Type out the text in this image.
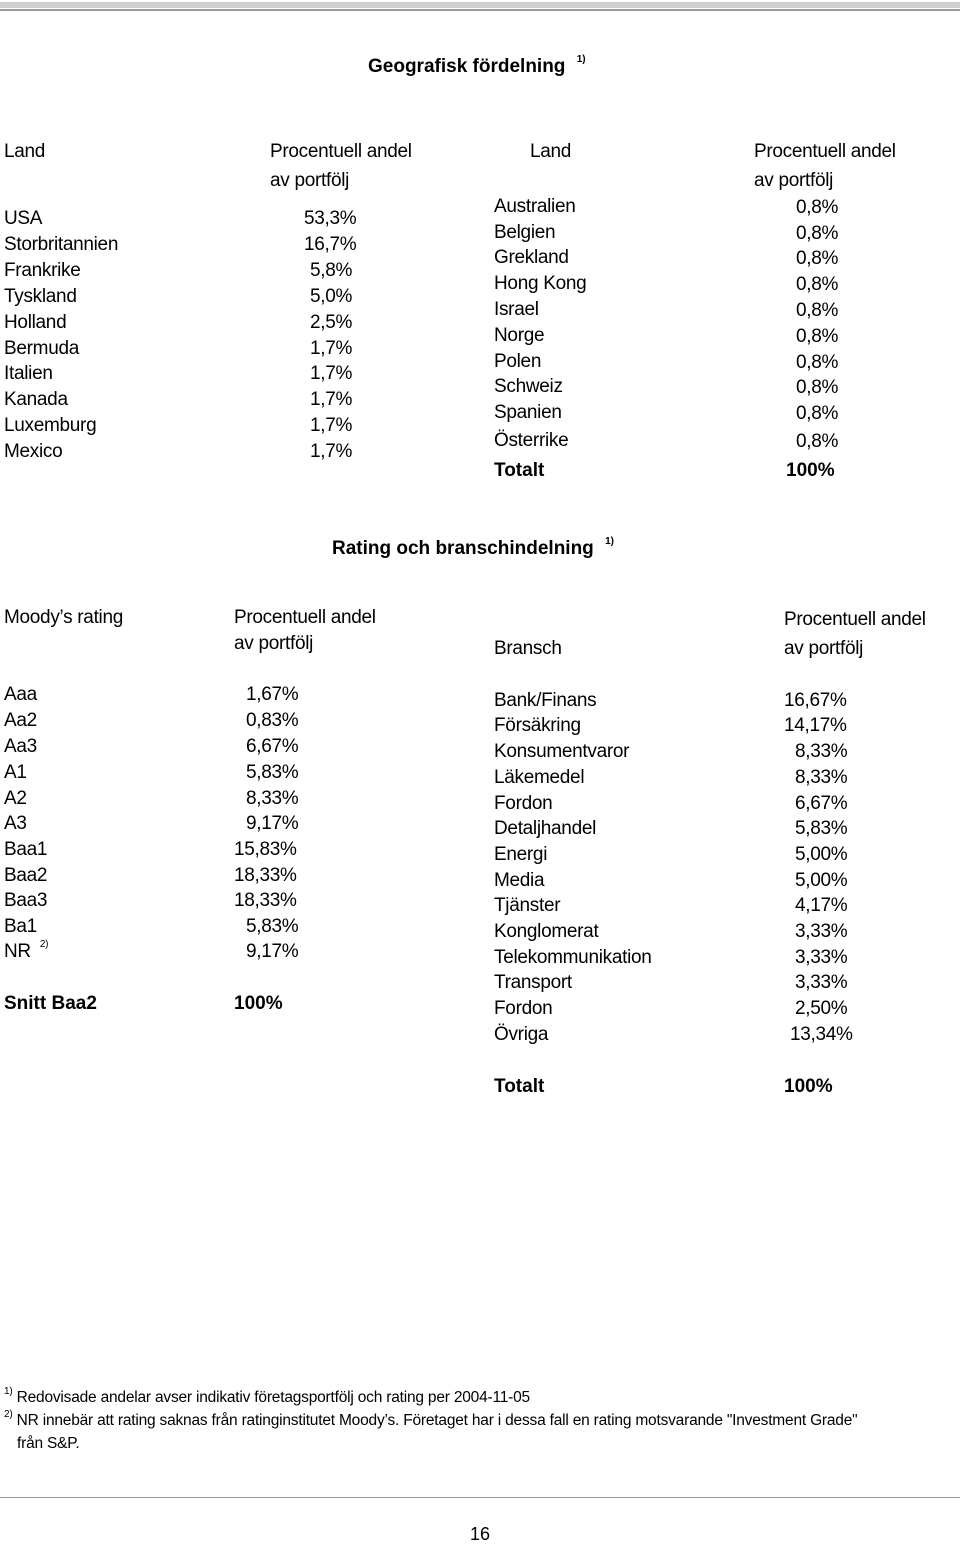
Geografisk fördelning $^{1)}$
Land	Procentuell andel
av portfölj
Land	Procentuell andel
av portfölj
USA	53,3%
Storbritannien	16,7%
Frankrike	5,8%
Tyskland	5,0%
Holland	2,5%
Bermuda	1,7%
Italien	1,7%
Kanada	1,7%
Luxemburg	1,7%
Mexico	1,7%
Australien	0,8%
Belgien	0,8%
Grekland	0,8%
Hong Kong	0,8%
Israel	0,8%
Norge	0,8%
Polen	0,8%
Schweiz	0,8%
Spanien	0,8%
Österrike	0,8%
Totalt	100%
Rating och branschindelning $^{1)}$
Moody’s rating	Procentuell andel
av portfölj
Procentuell andel
Bransch	av portfölj
Aaa	1,67%
Aa2	0,83%
Aa3	6,67%
A1	5,83%
A2	8,33%
A3	9,17%
Baa1	15,83%
Baa2	18,33%
Baa3	18,33%
Ba1	5,83%
NR $^{2)}$	9,17%
Snitt Baa2	100%
Bank/Finans	16,67%
Försäkring	14,17%
Konsumentvaror	8,33%
Läkemedel	8,33%
Fordon	6,67%
Detaljhandel	5,83%
Energi	5,00%
Media	5,00%
Tjänster	4,17%
Konglomerat	3,33%
Telekommunikation	3,33%
Transport	3,33%
Fordon	2,50%
Övriga	13,34%
Totalt	100%
$^{1)}$ Redovisade andelar avser indikativ företagsportfölj och rating per 2004-11-05
$^{2)}$ NR innebär att rating saknas från ratinginstitutet Moody’s. Företaget har i dessa fall en rating motsvarande "Investment Grade"
från S&P.
16
